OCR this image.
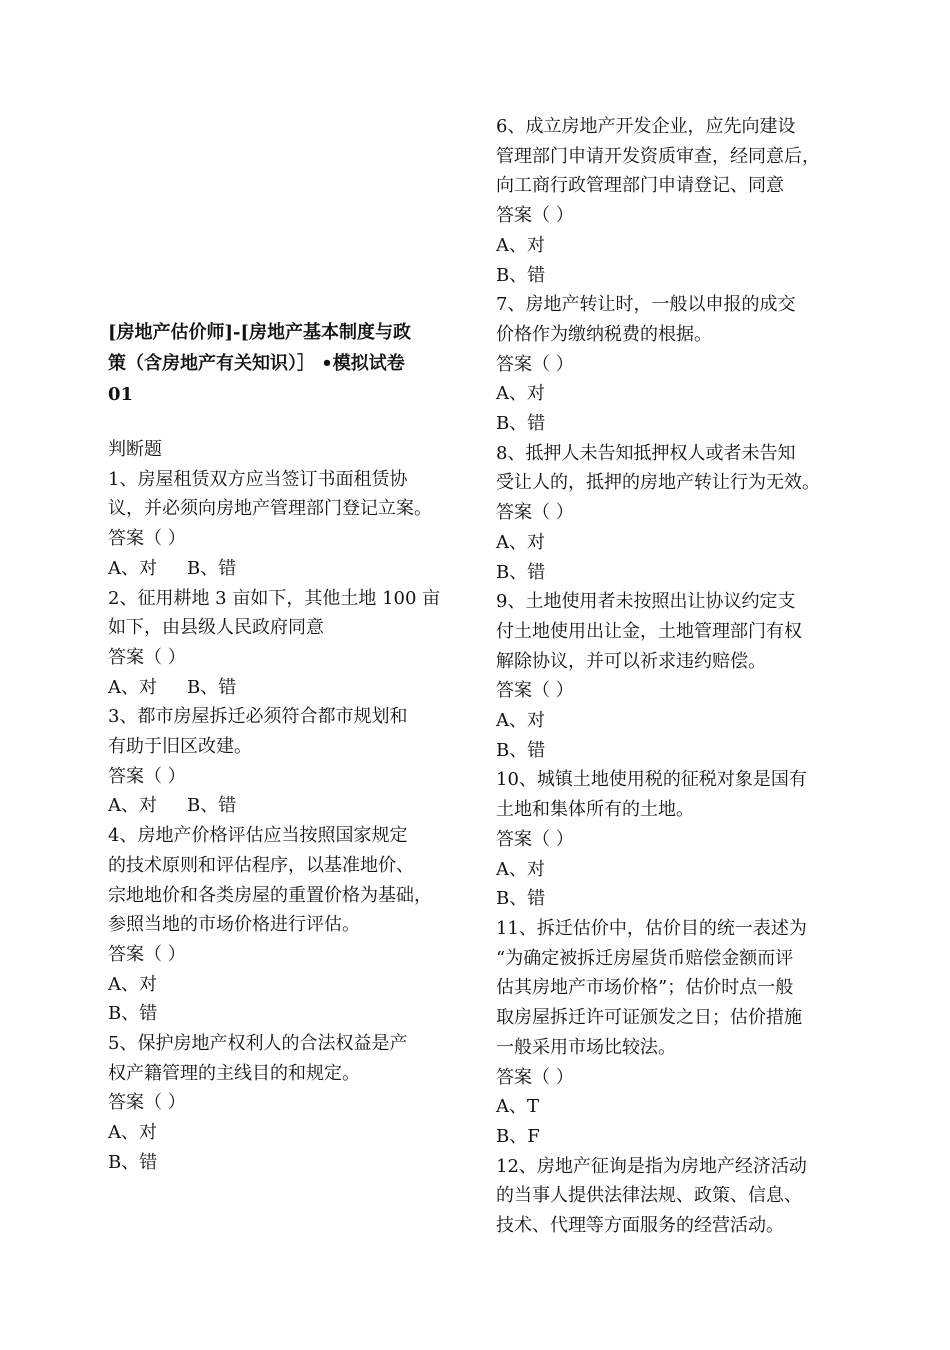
[房地产估价师]-[房地产基本制度与政
策（含房地产有关知识）］ •模拟试卷
01
判断题
1、房屋租赁双方应当签订书面租赁协
议，并必须向房地产管理部门登记立案。
答案（ ）
A、对 B、错
2、征用耕地 3 亩如下，其他土地 100 亩
如下，由县级人民政府同意
答案（ ）
A、对 B、错
3、都市房屋拆迁必须符合都市规划和
有助于旧区改建。
答案（ ）
A、对 B、错
4、房地产价格评估应当按照国家规定
的技术原则和评估程序，以基准地价、
宗地地价和各类房屋的重置价格为基础，
参照当地的市场价格进行评估。
答案（ ）
A、对
B、错
5、保护房地产权利人的合法权益是产
权产籍管理的主线目的和规定。
答案（ ）
A、对
B、错
6、成立房地产开发企业，应先向建设
管理部门申请开发资质审查，经同意后，
向工商行政管理部门申请登记、同意
答案（ ）
A、对
B、错
7、房地产转让时，一般以申报的成交
价格作为缴纳税费的根据。
答案（ ）
A、对
B、错
8、抵押人未告知抵押权人或者未告知
受让人的，抵押的房地产转让行为无效。
答案（ ）
A、对
B、错
9、土地使用者未按照出让协议约定支
付土地使用出让金，土地管理部门有权
解除协议，并可以祈求违约赔偿。
答案（ ）
A、对
B、错
10、城镇土地使用税的征税对象是国有
土地和集体所有的土地。
答案（ ）
A、对
B、错
11、拆迁估价中，估价目的统一表述为
“为确定被拆迁房屋货币赔偿金额而评
估其房地产市场价格”；估价时点一般
取房屋拆迁许可证颁发之日；估价措施
一般采用市场比较法。
答案（ ）
A、T
B、F
12、房地产征询是指为房地产经济活动
的当事人提供法律法规、政策、信息、
技术、代理等方面服务的经营活动。
